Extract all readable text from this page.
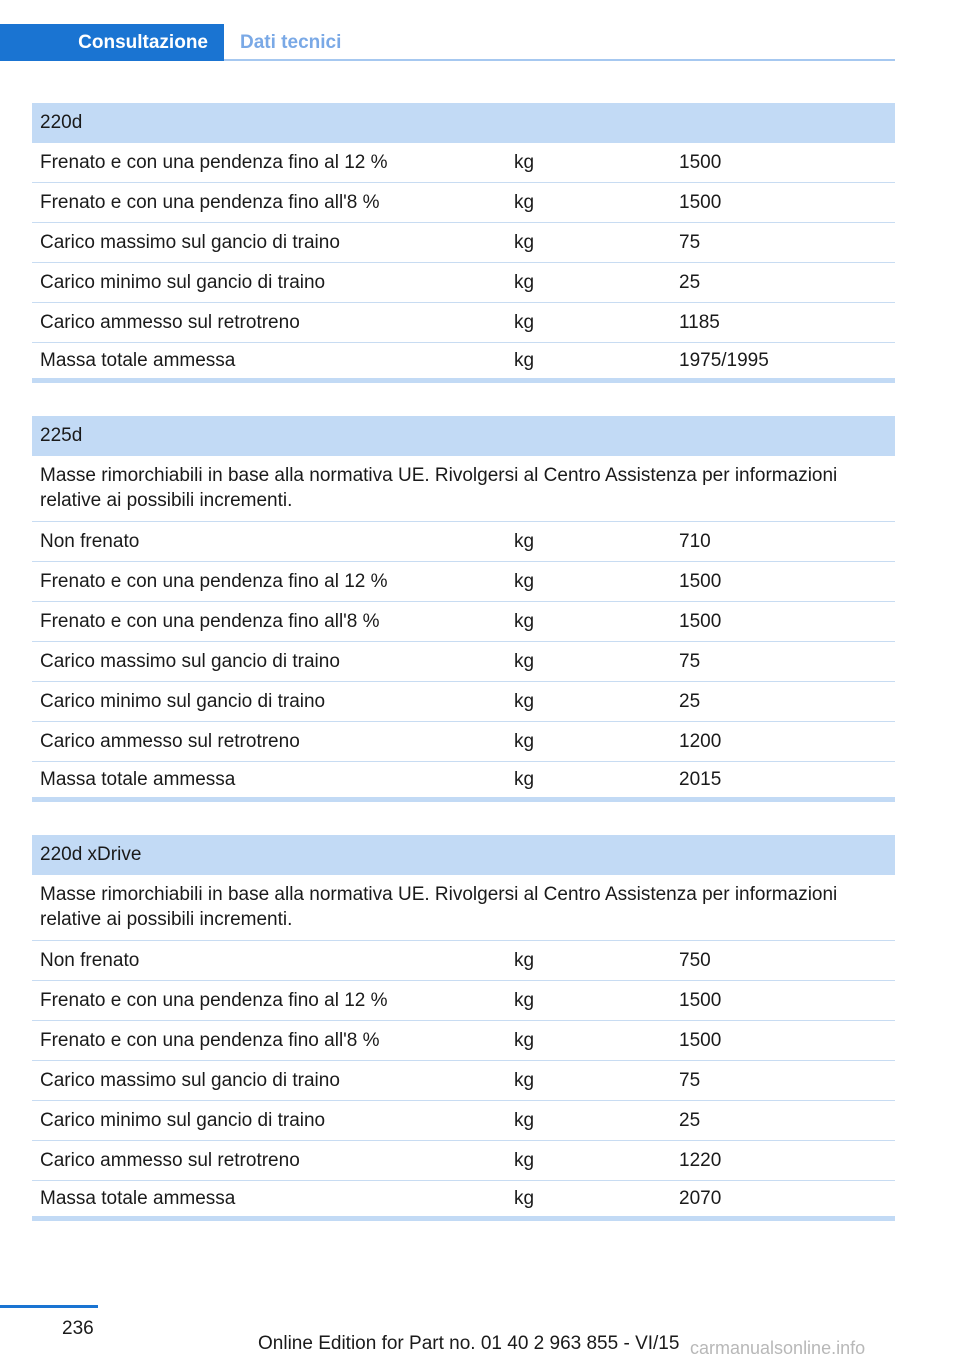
Consultazione	Dati tecnici
220d
Frenato e con una pendenza fino al 12 %	kg	1500
Frenato e con una pendenza fino all'8 %	kg	1500
Carico massimo sul gancio di traino	kg	75
Carico minimo sul gancio di traino	kg	25
Carico ammesso sul retrotreno	kg	1185
Massa totale ammessa	kg	1975/1995
225d
Masse rimorchiabili in base alla normativa UE. Rivolgersi al Centro Assistenza per informazioni relative ai possibili incrementi.
Non frenato	kg	710
Frenato e con una pendenza fino al 12 %	kg	1500
Frenato e con una pendenza fino all'8 %	kg	1500
Carico massimo sul gancio di traino	kg	75
Carico minimo sul gancio di traino	kg	25
Carico ammesso sul retrotreno	kg	1200
Massa totale ammessa	kg	2015
220d xDrive
Masse rimorchiabili in base alla normativa UE. Rivolgersi al Centro Assistenza per informazioni relative ai possibili incrementi.
Non frenato	kg	750
Frenato e con una pendenza fino al 12 %	kg	1500
Frenato e con una pendenza fino all'8 %	kg	1500
Carico massimo sul gancio di traino	kg	75
Carico minimo sul gancio di traino	kg	25
Carico ammesso sul retrotreno	kg	1220
Massa totale ammessa	kg	2070
236
Online Edition for Part no. 01 40 2 963 855 - VI/15 carmanualsonline.info
